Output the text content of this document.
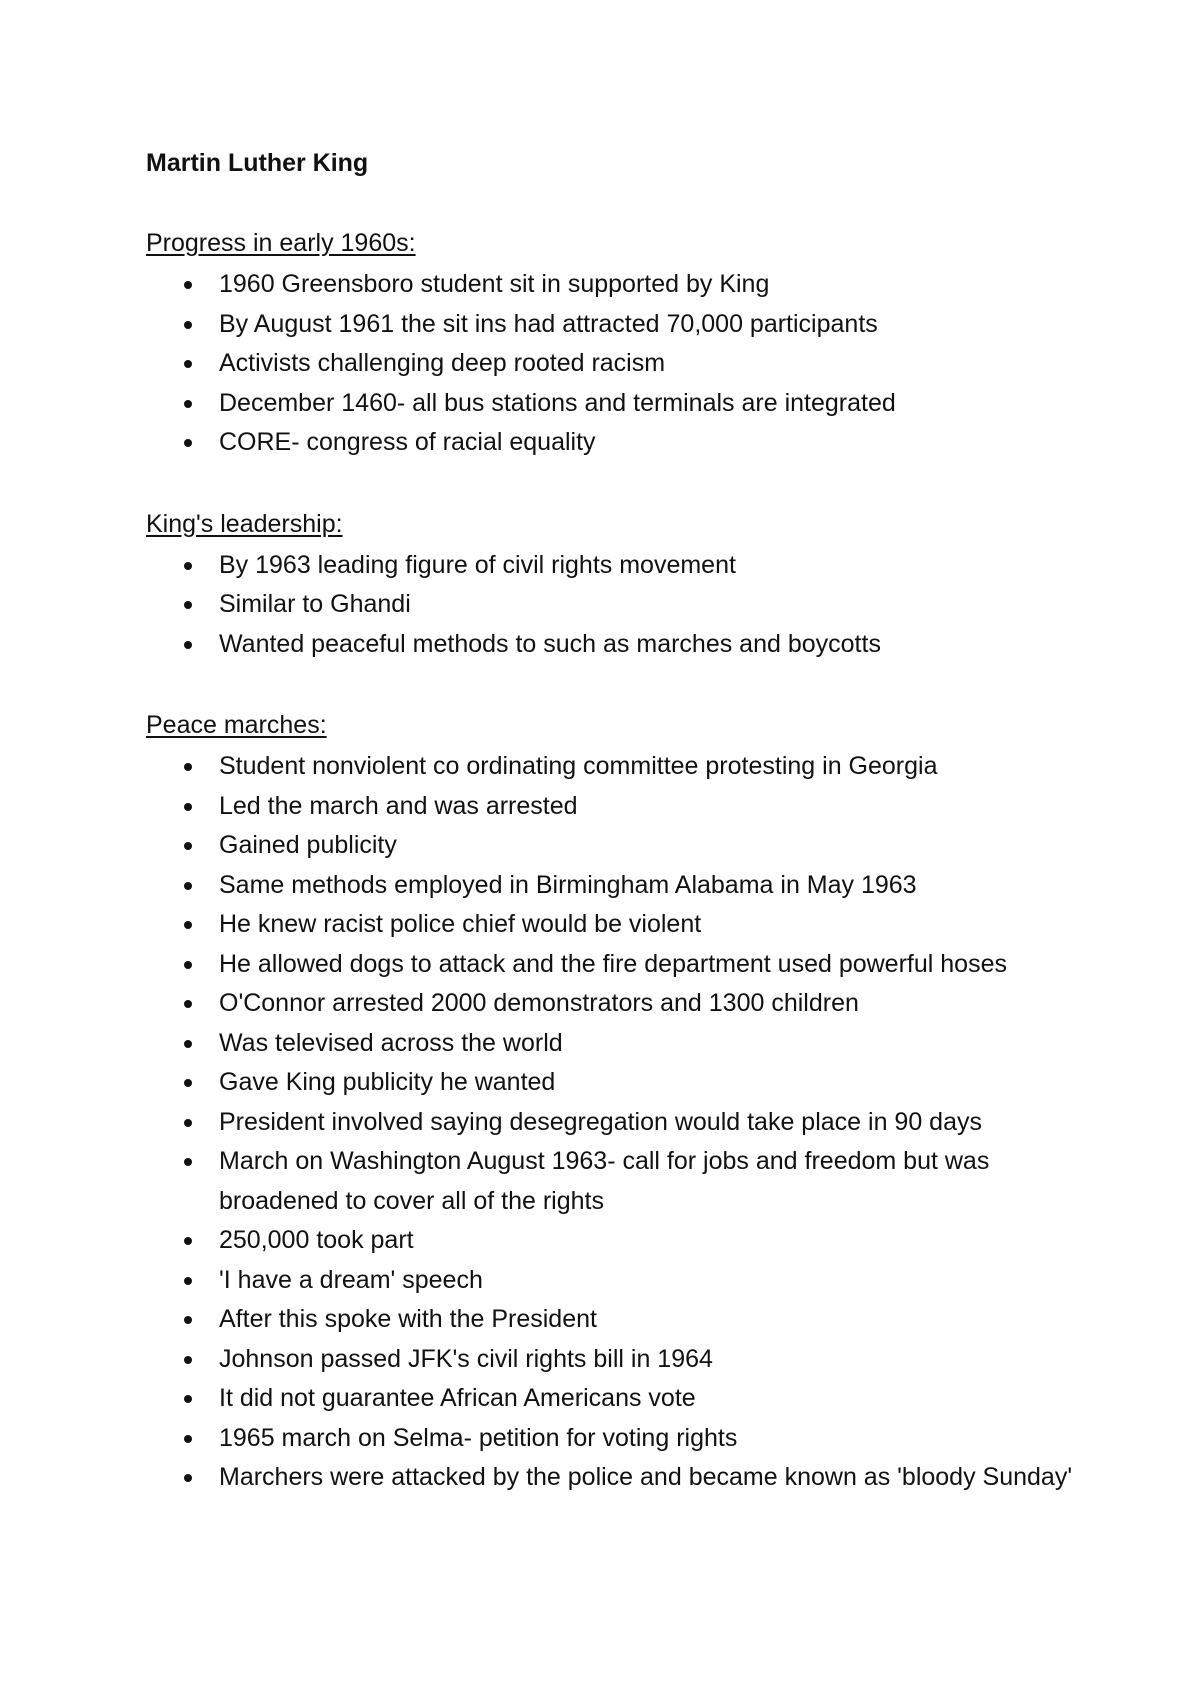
Martin Luther King
Progress in early 1960s:
1960 Greensboro student sit in supported by King
By August 1961 the sit ins had attracted 70,000 participants
Activists challenging deep rooted racism
December 1460- all bus stations and terminals are integrated
CORE- congress of racial equality
King's leadership:
By 1963 leading figure of civil rights movement
Similar to Ghandi
Wanted peaceful methods to such as marches and boycotts
Peace marches:
Student nonviolent co ordinating committee protesting in Georgia
Led the march and was arrested
Gained publicity
Same methods employed in Birmingham Alabama in May 1963
He knew racist police chief would be violent
He allowed dogs to attack and the fire department used powerful hoses
O'Connor arrested 2000 demonstrators and 1300 children
Was televised across the world
Gave King publicity he wanted
President involved saying desegregation would take place in 90 days
March on Washington August 1963- call for jobs and freedom but was broadened to cover all of the rights
250,000 took part
'I have a dream' speech
After this spoke with the President
Johnson passed JFK's civil rights bill in 1964
It did not guarantee African Americans vote
1965 march on Selma- petition for voting rights
Marchers were attacked by the police and became known as 'bloody Sunday'
